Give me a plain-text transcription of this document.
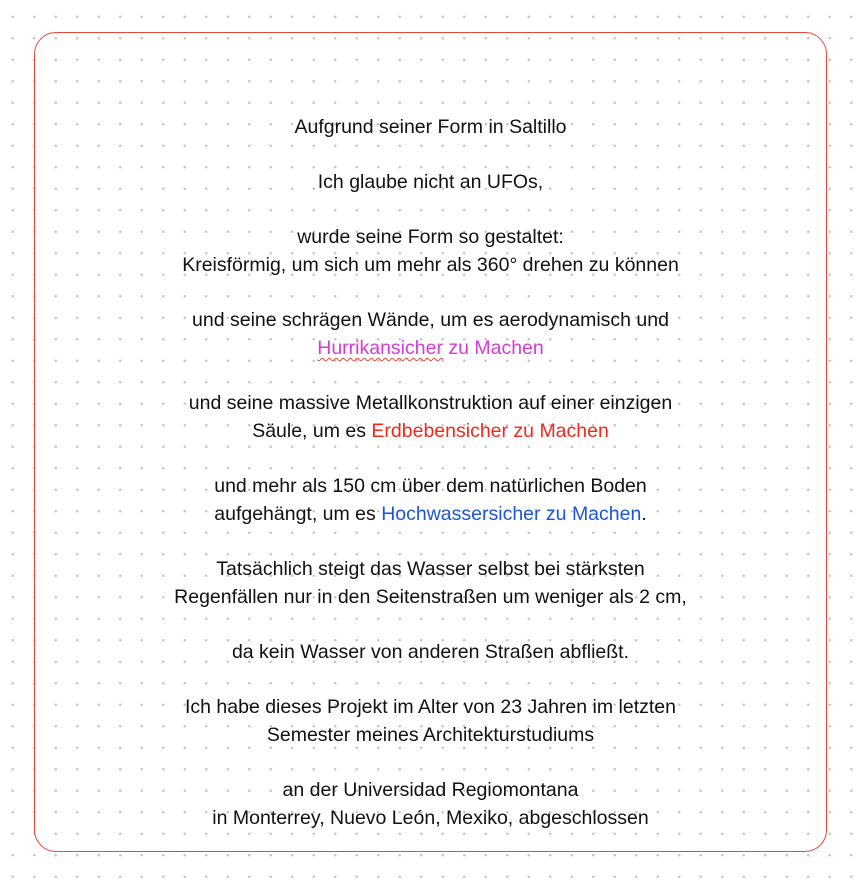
Aufgrund seiner Form in Saltillo

Ich glaube nicht an UFOs,

wurde seine Form so gestaltet:
Kreisförmig, um sich um mehr als 360° drehen zu können

und seine schrägen Wände, um es aerodynamisch und
Hurrikansicher zu Machen

und seine massive Metallkonstruktion auf einer einzigen
Säule, um es Erdbebensicher zu Machen

und mehr als 150 cm über dem natürlichen Boden
aufgehängt, um es Hochwassersicher zu Machen.

Tatsächlich steigt das Wasser selbst bei stärksten
Regenfällen nur in den Seitenstraßen um weniger als 2 cm,

da kein Wasser von anderen Straßen abfließt.

Ich habe dieses Projekt im Alter von 23 Jahren im letzten
Semester meines Architekturstudiums

an der Universidad Regiomontana
in Monterrey, Nuevo León, Mexiko, abgeschlossen
